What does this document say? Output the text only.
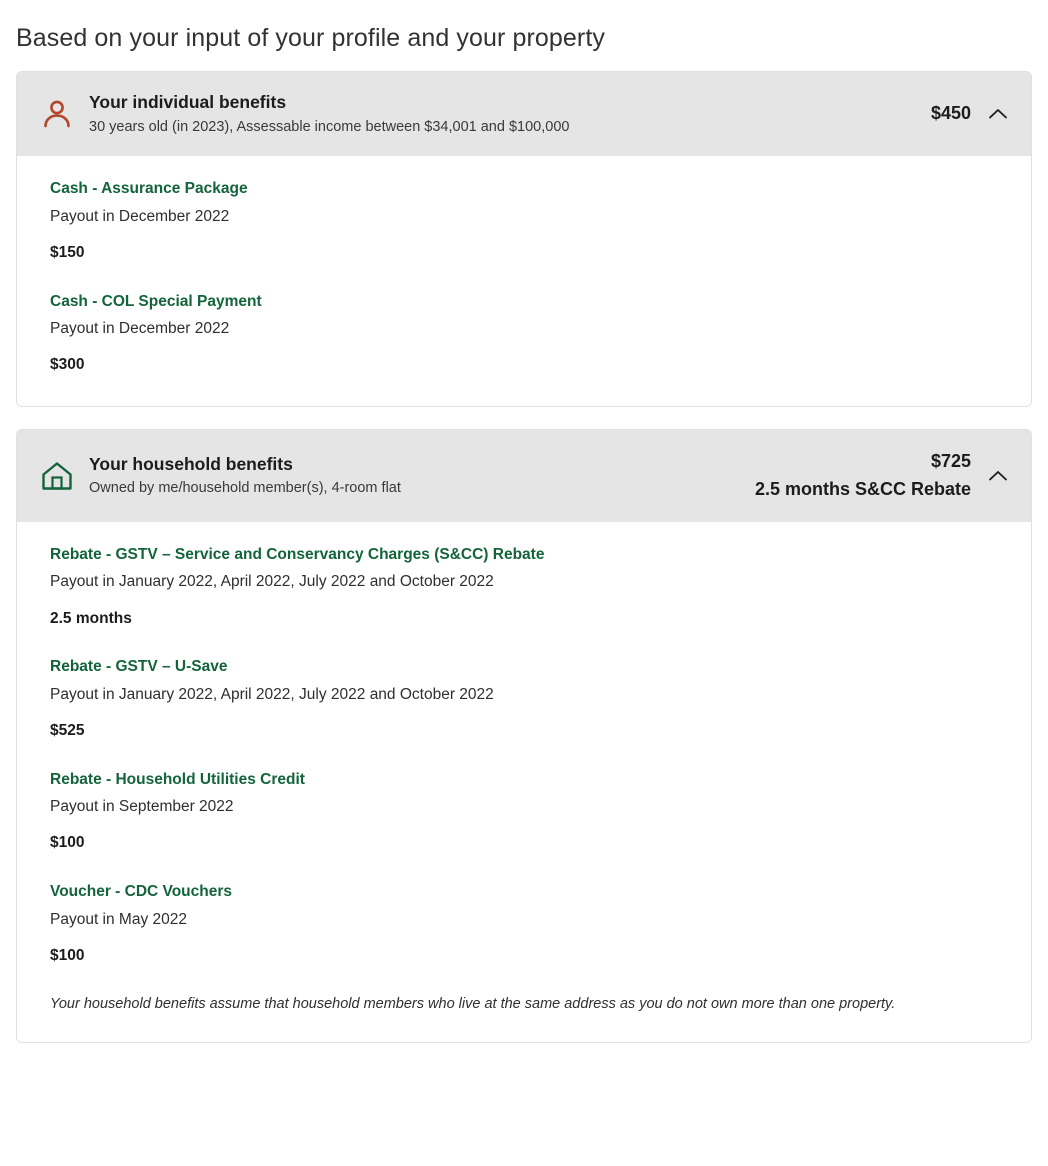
Based on your input of your profile and your property
Your individual benefits
30 years old (in 2023), Assessable income between $34,001 and $100,000
$450
Cash - Assurance Package
Payout in December 2022
$150
Cash - COL Special Payment
Payout in December 2022
$300
Your household benefits
Owned by me/household member(s), 4-room flat
$725
2.5 months S&CC Rebate
Rebate - GSTV – Service and Conservancy Charges (S&CC) Rebate
Payout in January 2022, April 2022, July 2022 and October 2022
2.5 months
Rebate - GSTV – U-Save
Payout in January 2022, April 2022, July 2022 and October 2022
$525
Rebate - Household Utilities Credit
Payout in September 2022
$100
Voucher - CDC Vouchers
Payout in May 2022
$100
Your household benefits assume that household members who live at the same address as you do not own more than one property.
